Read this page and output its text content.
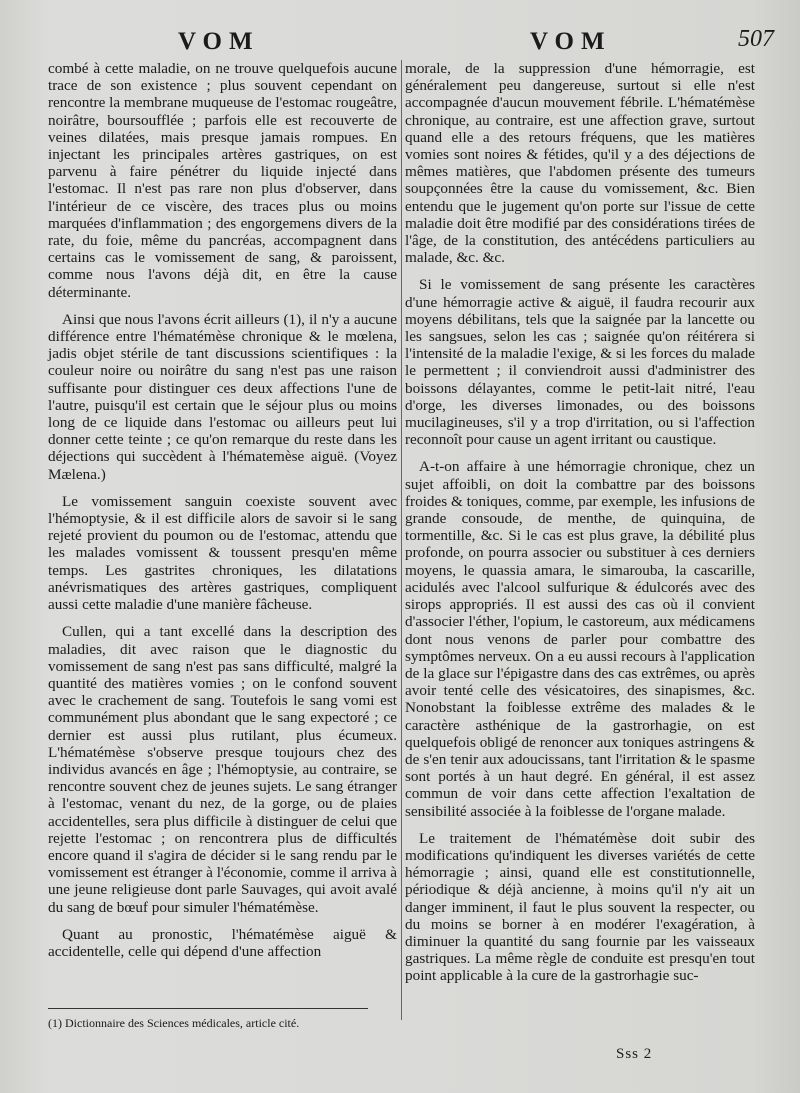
VOM	VOM	507

combé à cette maladie, on ne trouve quelquefois aucune trace de son existence ; plus souvent cependant on rencontre la membrane muqueuse de l'estomac rougeâtre, noirâtre, boursoufflée ; parfois elle est recouverte de veines dilatées, mais presque jamais rompues. En injectant les principales artères gastriques, on est parvenu à faire pénétrer du liquide injecté dans l'estomac. Il n'est pas rare non plus d'observer, dans l'intérieur de ce viscère, des traces plus ou moins marquées d'inflammation ; des engorgemens divers de la rate, du foie, même du pancréas, accompagnent dans certains cas le vomissement de sang, & paroissent, comme nous l'avons déjà dit, en être la cause déterminante.

Ainsi que nous l'avons écrit ailleurs (1), il n'y a aucune différence entre l'hématémèse chronique & le mœlena, jadis objet stérile de tant discussions scientifiques : la couleur noire ou noirâtre du sang n'est pas une raison suffisante pour distinguer ces deux affections l'une de l'autre, puisqu'il est certain que le séjour plus ou moins long de ce liquide dans l'estomac ou ailleurs peut lui donner cette teinte ; ce qu'on remarque du reste dans les déjections qui succèdent à l'hématemèse aiguë. (Voyez Mælena.)

Le vomissement sanguin coexiste souvent avec l'hémoptysie, & il est difficile alors de savoir si le sang rejeté provient du poumon ou de l'estomac, attendu que les malades vomissent & toussent presqu'en même temps. Les gastrites chroniques, les dilatations anévrismatiques des artères gastriques, compliquent aussi cette maladie d'une manière fâcheuse.

Cullen, qui a tant excellé dans la description des maladies, dit avec raison que le diagnostic du vomissement de sang n'est pas sans difficulté, malgré la quantité des matières vomies ; on le confond souvent avec le crachement de sang. Toutefois le sang vomi est communément plus abondant que le sang expectoré ; ce dernier est aussi plus rutilant, plus écumeux. L'hématémèse s'observe presque toujours chez des individus avancés en âge ; l'hémoptysie, au contraire, se rencontre souvent chez de jeunes sujets. Le sang étranger à l'estomac, venant du nez, de la gorge, ou de plaies accidentelles, sera plus difficile à distinguer de celui que rejette l'estomac ; on rencontrera plus de difficultés encore quand il s'agira de décider si le sang rendu par le vomissement est étranger à l'économie, comme il arriva à une jeune religieuse dont parle Sauvages, qui avoit avalé du sang de bœuf pour simuler l'hématémèse.

Quant au pronostic, l'hématémèse aiguë & accidentelle, celle qui dépend d'une affection

morale, de la suppression d'une hémorragie, est généralement peu dangereuse, surtout si elle n'est accompagnée d'aucun mouvement fébrile. L'hématémèse chronique, au contraire, est une affection grave, surtout quand elle a des retours fréquens, que les matières vomies sont noires & fétides, qu'il y a des déjections de mêmes matières, que l'abdomen présente des tumeurs soupçonnées être la cause du vomissement, &c. Bien entendu que le jugement qu'on porte sur l'issue de cette maladie doit être modifié par des considérations tirées de l'âge, de la constitution, des antécédens particuliers au malade, &c. &c.

Si le vomissement de sang présente les caractères d'une hémorragie active & aiguë, il faudra recourir aux moyens débilitans, tels que la saignée par la lancette ou les sangsues, selon les cas ; saignée qu'on réitérera si l'intensité de la maladie l'exige, & si les forces du malade le permettent ; il conviendroit aussi d'administrer des boissons délayantes, comme le petit-lait nitré, l'eau d'orge, les diverses limonades, ou des boissons mucilagineuses, s'il y a trop d'irritation, ou si l'affection reconnoît pour cause un agent irritant ou caustique.

A-t-on affaire à une hémorragie chronique, chez un sujet affoibli, on doit la combattre par des boissons froides & toniques, comme, par exemple, les infusions de grande consoude, de menthe, de quinquina, de tormentille, &c. Si le cas est plus grave, la débilité plus profonde, on pourra associer ou substituer à ces derniers moyens, le quassia amara, le simarouba, la cascarille, acidulés avec l'alcool sulfurique & édulcorés avec des sirops appropriés. Il est aussi des cas où il convient d'associer l'éther, l'opium, le castoreum, aux médicamens dont nous venons de parler pour combattre des symptômes nerveux. On a eu aussi recours à l'application de la glace sur l'épigastre dans des cas extrêmes, ou après avoir tenté celle des vésicatoires, des sinapismes, &c. Nonobstant la foiblesse extrême des malades & le caractère asthénique de la gastrorhagie, on est quelquefois obligé de renoncer aux toniques astringens & de s'en tenir aux adoucissans, tant l'irritation & le spasme sont portés à un haut degré. En général, il est assez commun de voir dans cette affection l'exaltation de sensibilité associée à la foiblesse de l'organe malade.

Le traitement de l'hématémèse doit subir des modifications qu'indiquent les diverses variétés de cette hémorragie ; ainsi, quand elle est constitutionnelle, périodique & déjà ancienne, à moins qu'il n'y ait un danger imminent, il faut le plus souvent la respecter, ou du moins se borner à en modérer l'exagération, à diminuer la quantité du sang fournie par les vaisseaux gastriques. La même règle de conduite est presqu'en tout point applicable à la cure de la gastrorhagie suc-

(1) Dictionnaire des Sciences médicales, article cité.
Sss 2
